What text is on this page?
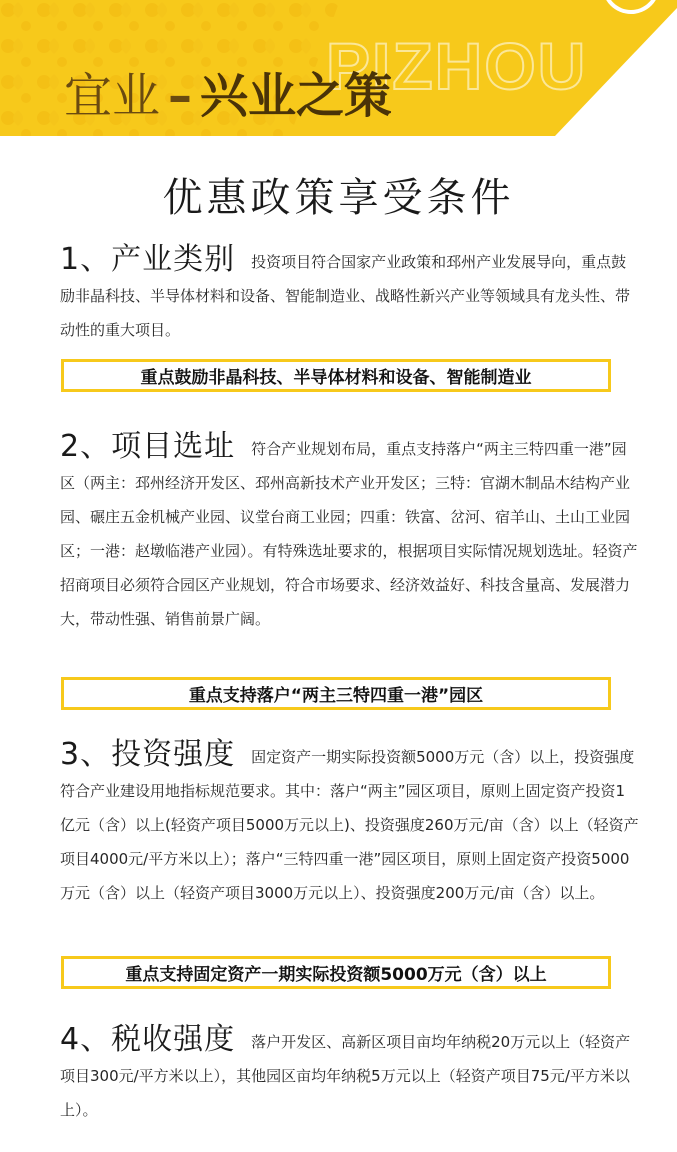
PIZHOU
宜业 – 兴业之策
优惠政策享受条件

1、产业类别 投资项目符合国家产业政策和邳州产业发展导向，重点鼓励非晶科技、半导体材料和设备、智能制造业、战略性新兴产业等领域具有龙头性、带动性的重大项目。

重点鼓励非晶科技、半导体材料和设备、智能制造业

2、项目选址 符合产业规划布局，重点支持落户“两主三特四重一港”园区（两主：邳州经济开发区、邳州高新技术产业开发区；三特：官湖木制品木结构产业园、碾庄五金机械产业园、议堂台商工业园；四重：铁富、岔河、宿羊山、土山工业园区；一港：赵墩临港产业园）。有特殊选址要求的，根据项目实际情况规划选址。轻资产招商项目必须符合园区产业规划，符合市场要求、经济效益好、科技含量高、发展潜力大，带动性强、销售前景广阔。

重点支持落户“两主三特四重一港”园区

3、投资强度 固定资产一期实际投资额5000万元（含）以上，投资强度符合产业建设用地指标规范要求。其中：落户“两主”园区项目，原则上固定资产投资1亿元（含）以上(轻资产项目5000万元以上)、投资强度260万元/亩（含）以上（轻资产项目4000元/平方米以上）；落户“三特四重一港”园区项目，原则上固定资产投资5000万元（含）以上（轻资产项目3000万元以上）、投资强度200万元/亩（含）以上。

重点支持固定资产一期实际投资额5000万元（含）以上

4、税收强度 落户开发区、高新区项目亩均年纳税20万元以上（轻资产项目300元/平方米以上），其他园区亩均年纳税5万元以上（轻资产项目75元/平方米以上）。
